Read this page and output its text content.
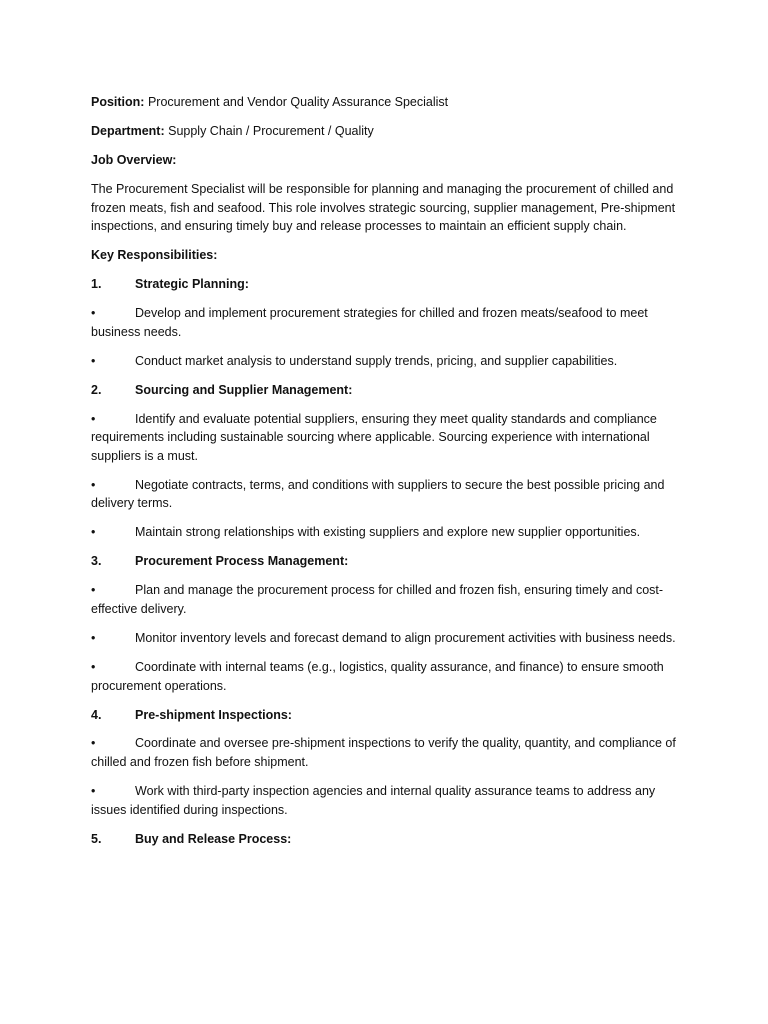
Position: Procurement and Vendor Quality Assurance Specialist

Department: Supply Chain / Procurement / Quality

Job Overview:

The Procurement Specialist will be responsible for planning and managing the procurement of chilled and frozen meats, fish and seafood. This role involves strategic sourcing, supplier management, Pre-shipment inspections, and ensuring timely buy and release processes to maintain an efficient supply chain.

Key Responsibilities:

1.	Strategic Planning:

•	Develop and implement procurement strategies for chilled and frozen meats/seafood to meet business needs.

•	Conduct market analysis to understand supply trends, pricing, and supplier capabilities.

2.	Sourcing and Supplier Management:

•	Identify and evaluate potential suppliers, ensuring they meet quality standards and compliance requirements including sustainable sourcing where applicable. Sourcing experience with international suppliers is a must.

•	Negotiate contracts, terms, and conditions with suppliers to secure the best possible pricing and delivery terms.

•	Maintain strong relationships with existing suppliers and explore new supplier opportunities.

3.	Procurement Process Management:

•	Plan and manage the procurement process for chilled and frozen fish, ensuring timely and cost-effective delivery.

•	Monitor inventory levels and forecast demand to align procurement activities with business needs.

•	Coordinate with internal teams (e.g., logistics, quality assurance, and finance) to ensure smooth procurement operations.

4.	Pre-shipment Inspections:

•	Coordinate and oversee pre-shipment inspections to verify the quality, quantity, and compliance of chilled and frozen fish before shipment.

•	Work with third-party inspection agencies and internal quality assurance teams to address any issues identified during inspections.

5.	Buy and Release Process:
